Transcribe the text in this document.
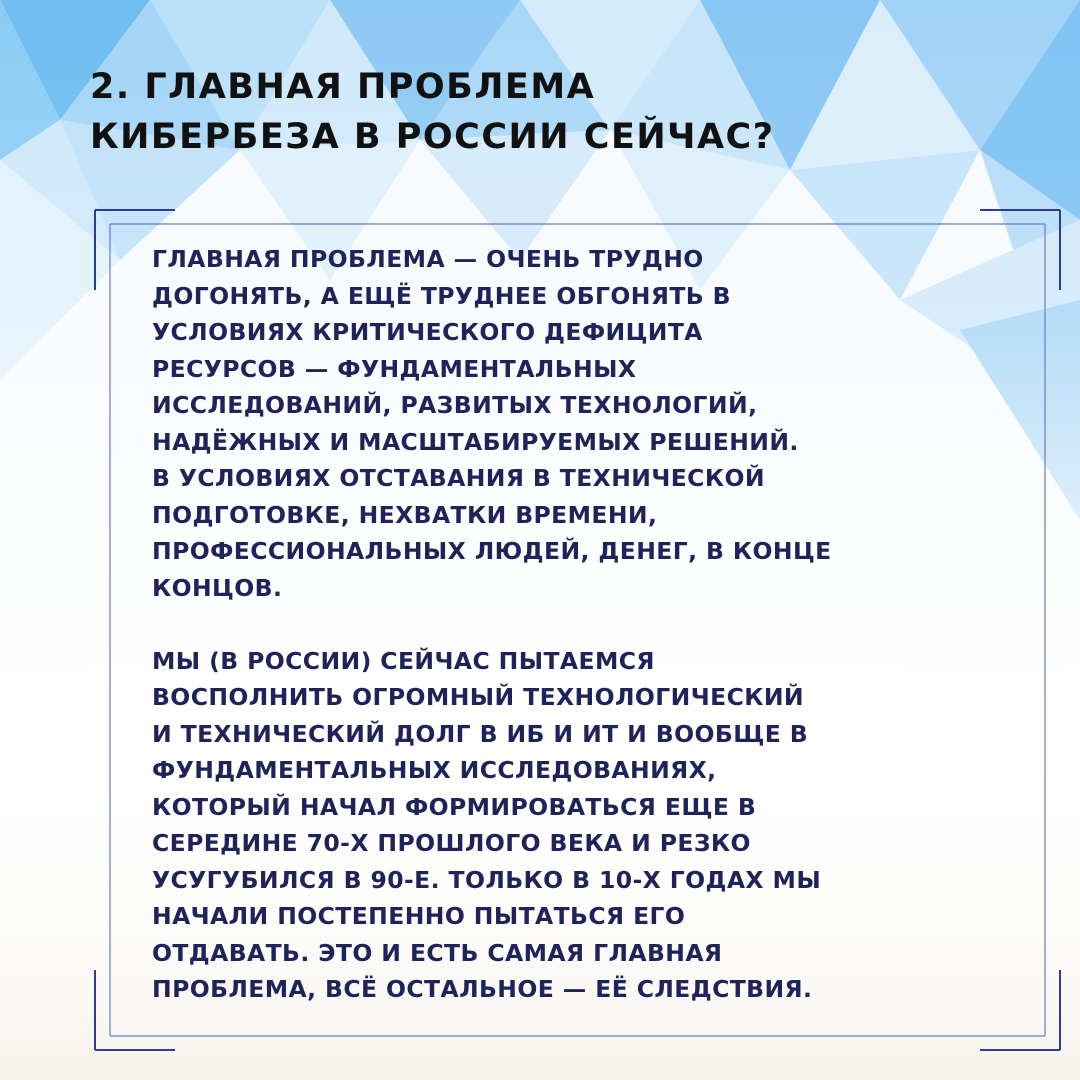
2. ГЛАВНАЯ ПРОБЛЕМА
КИБЕРБЕЗА В РОССИИ СЕЙЧАС?

ГЛАВНАЯ ПРОБЛЕМА — ОЧЕНЬ ТРУДНО
ДОГОНЯТЬ, А ЕЩЁ ТРУДНЕЕ ОБГОНЯТЬ В
УСЛОВИЯХ КРИТИЧЕСКОГО ДЕФИЦИТА
РЕСУРСОВ — ФУНДАМЕНТАЛЬНЫХ
ИССЛЕДОВАНИЙ, РАЗВИТЫХ ТЕХНОЛОГИЙ,
НАДЁЖНЫХ И МАСШТАБИРУЕМЫХ РЕШЕНИЙ.
В УСЛОВИЯХ ОТСТАВАНИЯ В ТЕХНИЧЕСКОЙ
ПОДГОТОВКЕ, НЕХВАТКИ ВРЕМЕНИ,
ПРОФЕССИОНАЛЬНЫХ ЛЮДЕЙ, ДЕНЕГ, В КОНЦЕ
КОНЦОВ.

МЫ (В РОССИИ) СЕЙЧАС ПЫТАЕМСЯ
ВОСПОЛНИТЬ ОГРОМНЫЙ ТЕХНОЛОГИЧЕСКИЙ
И ТЕХНИЧЕСКИЙ ДОЛГ В ИБ И ИТ И ВООБЩЕ В
ФУНДАМЕНТАЛЬНЫХ ИССЛЕДОВАНИЯХ,
КОТОРЫЙ НАЧАЛ ФОРМИРОВАТЬСЯ ЕЩЕ В
СЕРЕДИНЕ 70-Х ПРОШЛОГО ВЕКА И РЕЗКО
УСУГУБИЛСЯ В 90-Е. ТОЛЬКО В 10-Х ГОДАХ МЫ
НАЧАЛИ ПОСТЕПЕННО ПЫТАТЬСЯ ЕГО
ОТДАВАТЬ. ЭТО И ЕСТЬ САМАЯ ГЛАВНАЯ
ПРОБЛЕМА, ВСЁ ОСТАЛЬНОЕ — ЕЁ СЛЕДСТВИЯ.
